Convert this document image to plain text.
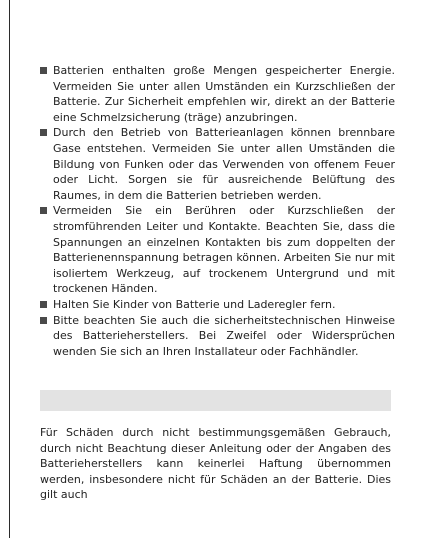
Batterien enthalten große Mengen gespeicherter Energie. Vermeiden Sie unter allen Umständen ein Kurzschließen der Batterie. Zur Sicherheit empfehlen wir, direkt an der Batterie eine Schmelzsicherung (träge) anzubringen.
Durch den Betrieb von Batterieanlagen können brennbare Gase entstehen. Vermeiden Sie unter allen Umständen die Bildung von Funken oder das Verwenden von offenem Feuer oder Licht. Sorgen sie für ausreichende Belüftung des Raumes, in dem die Batterien betrieben werden.
Vermeiden Sie ein Berühren oder Kurzschließen der stromführenden Leiter und Kontakte. Beachten Sie, dass die Spannungen an einzelnen Kontakten bis zum doppelten der Batterienennspannung betragen können. Arbeiten Sie nur mit isoliertem Werkzeug, auf trockenem Untergrund und mit trockenen Händen.
Halten Sie Kinder von Batterie und Laderegler fern.
Bitte beachten Sie auch die sicherheitstechnischen Hinweise des Batterieherstellers. Bei Zweifel oder Widersprüchen wenden Sie sich an Ihren Installateur oder Fachhändler.

Für Schäden durch nicht bestimmungsgemäßen Gebrauch, durch nicht Beachtung dieser Anleitung oder der Angaben des Batterieherstellers kann keinerlei Haftung übernommen werden, insbesondere nicht für Schäden an der Batterie. Dies gilt auch
